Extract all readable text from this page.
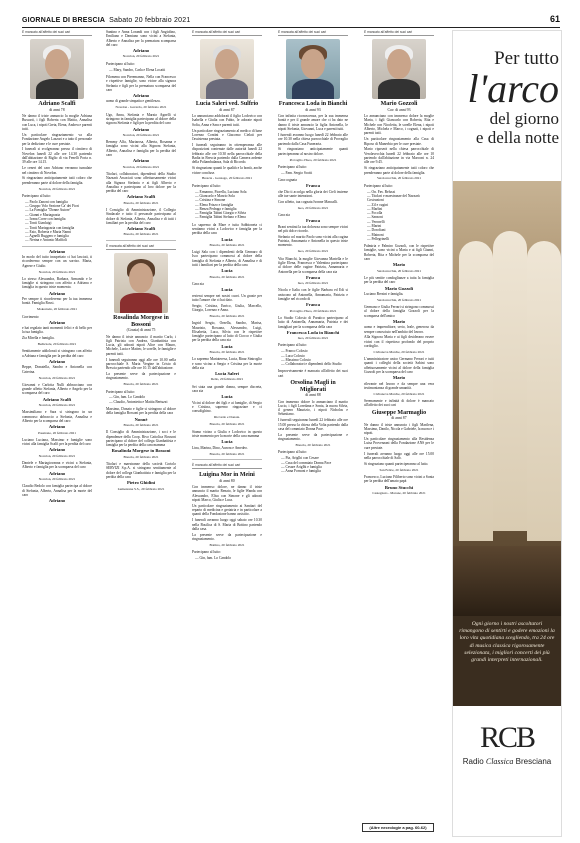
GIORNALE DI BRESCIA Sabato 20 febbraio 2021	61
È mancato all'affetto dei suoi cari
Adriano Scalfi
di anni 78

Ne danno il triste annuncio la moglie Adriana Bussarti, i figli Roberta con Mattia, Annalisa con Luca, i nipoti Greta, Elena, Andrea e parenti tutti.

Un particolare ringraziamento va alla Fondazione Angelo Lazzari e a tutto il personale per la dedizione e le cure prestate.

I funerali si svolgeranno presso il cimitero di Novelon lunedì 22 alle ore 14.30 partendo dall'abitazione di Riglio di via Fenelli Poria n. 39 alle ore 14.15.

Le ceneri del caro Adriano verranno tumulate nel cimitero di Novelon.

Si ringraziano anticipatamente tutti coloro che prenderanno parte al dolore della famiglia.

Novelon, 20 febbraio 2021

Partecipano al lutto:

— Paolo Zanoni con famiglia
— Gruppo Volo Sezione Ca' dei Fiori
— La Famiglia "Donne Autore"
— Gianni e Mariagrazia
— Ivana Corre con famiglia
— Tonti Gianluigi
— Tonti Mariagrazia con famiglia
— Ezio, Roberta e Maria Nanni
— Agnelli Ruggero e famiglia
— Nerina e Antonio Maffioli
Adriano

In modo del tutto inaspettato ci hai lasciati, ti ricorderemo sempre con un sorriso. Marta, Agnese e Giulio.

Novelon, 20 febbraio 2021

Lo stesso Alessandra, Barbara, Armando e le famiglie si stringono con affetto a Adriana e famiglia in questo triste momento.

Adriano

Per sempre ti ricorderemo per la tua immensa bontà. Famiglia Rossi.

Mokornelo, 20 febbraio 2021

Corrimento

Adriano

e hai regalato tanti momenti felici e di bello per la tua famiglia.

Zia Mirella e famiglia.

Bedizzole, 20 febbraio 2021

Sentitamente addolorati si stringono con affetto a Adriana e famiglia per la perdita del caro

Adriano

Beppe, Donatella, Sandro e Antonella con Caterina.

Novelon, 20 febbraio 2021

Giovanni e Carlotta Nulli abbracciano con grande affetto Stefania, Alberto e Angelo per la scomparsa del caro

Adriano Scalfi
Novelon, 20 febbraio 2021

Massimiliano e Sara si stringono in un commosso abbraccio a Stefania, Annalisa e Alberto per la scomparsa del caro

Adriano
Passirano, 20 febbraio 2021

Luciano Luciana, Massimo e famiglie sono vicini alla famiglia Scalfi per la perdita del caro

Adriano
Novelon, 20 febbraio 2021

Daniele e Mariagiovanna e vicini a Stefania, Alberto e famiglia per la scomparsa del caro

Adriano
Novelon, 20 febbraio 2021

Claudio Bedolo con famiglia partecipa al dolore di Stefania, Alberto, Annalisa per la morte del caro

Adriano

Santino e Anna Lorandi con i figli Angiolino, Emiliano e Damiano sono vicini a Stefania, Alberto e Annalisa per la prematura scomparsa del caro

Adriano
Novelon, 20 febbraio 2021

Partecipano al lutto:

— Mary, Sandro, Carla e Elena Locatti

Filomena con Pieremanno, Nella con Francesco e rispettive famiglie, sono vicine alla signora Stefania e figli per la prematura scomparsa del caro

Adriano

uomo di grande simpatia e gentilezza.

Novelon - Gavardo, 20 febbraio 2021

Ugo, Anna, Stefania e Marzio Agnelli si stringono in famiglia partecipano al dolore della signora Stefania e figli per la perdita del caro

Adriano
Novelon, 20 febbraio 2021

Remmy Alfa, Mariarosa, Alberta, Rosanna e famiglia sono vicini alla Signora Stefania, Alberto, Annalisa e famiglia per la perdita del caro

Adriano
Novelon, 20 febbraio 2021

Titolari, collaboratori, dipendenti della Studio Nazzarà Associati sono affettuosamente vicini alla Signora Stefania e ai figli Alberto e Annalisa e partecipano al loro dolore per la perdita del caro

Adriano Scalfi
Brescia, 20 febbraio 2021

I Consiglio di Amministrazione, il Collegio Sindacale e tutto il personale partecipano al dolore di Stefania, Alberto, Annalisa e di tutti i familiari per la perdita del caro

Adriano Scalfi
Brescia, 20 febbraio 2021
È mancata all'affetto dei suoi cari
Rosalinda Morgese in Bossoni
(Grazia) di anni 75

Ne danno il triste annuncio il marito Carlo, i figli Patrizia con Andrea, Gianbattista con Lucia, gli adorati nipoti Alice con Mauro, Michele, Lucia e Matteo, le sorelle, le famiglie e parenti tutti.

I funerali seguiranno oggi alle ore 10.00 nella parrocchiale S. Maria Vergine in Cristo di Brescia partendo alle ore 10.15 dall'abitazione.

La presente serve da partecipazione e ringraziamento.

Brescia, 20 febbraio 2021

Partecipano al lutto:

— Gin, fam. Lo Candolo
— Claudio, Antonietta e Mattia Bertuzzi

Massimo, Donato e figlie si stringono al dolore della famiglia Bossoni per la perdita della cara

Nonnè
Brescia, 20 febbraio 2021

Il Consiglio di Amministrazione, i soci e le dipendenze della Coop. Rivo Cattolica Bossoni partecipano al dolore del collega Gianbattista e famiglia per la perdita della cara mamma

Rosalinda Morgese in Bossoni
Brescia, 20 febbraio 2021

Titolari e maestranze della società Coriolo SERVIZI S.p.A. si stringono sentitamente al dolore del collega Gianbattista e famiglia per la perdita della cara

Pietro Ghidini
Lumezzane S.S., 20 febbraio 2021
È mancata all'affetto dei suoi cari
Lucia Saleri ved. Sulfrio
di anni 87

Lo annunciano addolorati il figlio Lodovico con Isabella e Giulia con Fabio, le adorate nipoti Sofia, Anna e Sara e parenti tutti.

Un particolare ringraziamento al medico di base Lorenzo Contini e Giacomo Cielati per l'assistenza prestata.

I funerali seguiranno in ottemperanza alle disposizioni contenute dalle autorità lunedì 22 febbraio alle ore 10.30 nella parrocchiale della Badia in Brescia partendo dalla Camera ardente della Poliambulanza, Sala di Ricordo.

Si ringraziano quanti le qualità e la bontà, anche vicine concluse.

Brescia - Gonzago, 20 febbraio 2021

Partecipano al lutto:

— Ermanno, Fiorella, Luciano Sola
— Giancarlo e Marzio Sola
— Cristina e Simone
— Elena Frizzo e famiglia
— Renza Pedrago e famiglia
— Famiglia Tabini Giorgio e Silvia
— Famiglia Tabini Stefano e Elena

Lo sapremo da Mare e tutta Sabbioneta ci sentiamo vicini a Lodovico e famiglia per la perdita della cara

Lucia
Brescia, 20 febbraio 2021

Luigi Sala con i dipendenti della Gennaro di Isco partecipano commossi al dolore della famiglia di Stefania e Alberto, di Annalisa e di tutti i familiari per la perdita della cara

Lucia
Brescia, 20 febbraio 2021

Cara zia

Lucia

resterai sempre nei nostri cuori. Un grazie per tutto l'amore che ci hai dato.

Sergio, Cristina, Enrico, Giulia, Marcello, Giorgio, Lorenzo e Anna.

Brescia, 20 febbraio 2021

Ingrid Sergio, Ornella, Sandro, Marisa, Maurizio, Rossana, Alessandro, Luigi, Elisabetta, Luca, Silvia con le rispettive famiglie partecipano al lutto di Ciocco e Giulia per la perdita della cara zia

Lucia
Brescia, 20 febbraio 2021

Lo sapremo Mariateresa, Lucia, Rinar Sintroglio e sono vicino a Sergio e Cristina per la morte della zia

Lucia Saleri
Delio, 20 febbraio 2021

Sei stata una grande donna, sempre discreta, cara zia

Lucia

Vicini al dolore dei figli e ai famiglie, di Sergio e Cristina, sapremo ringraziare e ci consolighino.

Riccardo e Donata.
Brescia, 20 febbraio 2021

Siamo vicino a Giulia e Lodovico in questo triste momento per la morte della cara mamma

Lucia

Lina, Marina, Dino, Aurora e Amedeo.

Brescia, 20 febbraio 2021
È mancato all'affetto dei suoi cari
Luigina Mor in Meini
di anni 80

Con immenso dolore, ne danno il triste annuncio il marito Renato, le figlie Wanda con Alessandro, Elisa con Simone e gli adorati nipoti Marco, Giulia e Luca.

Un particolare ringraziamento ai Sanitari del reparto di medicina e geriatria e in particolare a quanti della Fondazione hanno assistito.

I funerali avranno luogo oggi sabato ore 10.30 nella Basilica di S. Maria di Bottino partendo dalla casa.

La presente serve da partecipazione e ringraziamento.

Bottino, 20 febbraio 2021

Partecipano al lutto:

— Gin, fam. Lo Candolo
È mancata all'affetto dei suoi cari
Francesca Loda in Bianchi
di anni 93

Con infinita riconoscenza, per la sua immensa bontà e per il grande amore che ci ha dato ne danno il triste annuncio la figlia Antonella, le nipoti Stefania, Giovanni, Luca e parenti tutti.

I funerali avranno luogo lunedì 22 febbraio alle ore 10.30 nella chiesa parrocchiale di Provaglio partendo dalla Casa Funeraria.

Si ringraziano anticipatamente quanti parteciperanno al nostro dolore.

Provaglio d'Iseo, 20 febbraio 2021

Partecipano al lutto:

— Fam. Sergio Scotti

Cara cognata

Franca

che Dio ti accolga nella gloria dei Cieli insieme alle tue sante intenzioni.

Con affetto, tua cognata Ivonne Mancalli.

Iseo, 20 febbraio 2021

Cara zia

Franca

Brani sentirai la tua dolcezza sono sempre vicini nel più dolce ricordo.

Stefania col marito Paolo sono vicini alla cugina Patrizia, Annamaria e Antonella in questo triste momento.

Iseo, 20 febbraio 2021

Vito Bianchi, la moglie Giovanna Martella e le figlie Elena, Francesca e Valentina partecipano al dolore delle cugine Patrizia, Annamaria e Antonella per la scomparsa della cara zia

Franca
Iseo, 20 febbraio 2021

Nicola e Italia con le figlie Barbara ed Edi si uniscono ad Antonella, Annamaria, Patrizia e famiglie nel ricordo di

Franca
Provaglio d'Iseo, 20 febbraio 2021

Lo Studio Colosio di Paratico partecipano al lutto di Antonella, Annamaria, Patrizia e dei famigliari per la scomparsa della cara

Francesca Loda in Bianchi
Iseo, 20 febbraio 2021

Partecipano al lutto:

— Franco Colosio
— Luca Colosio
— Massimo Colosio
— Collaboratori e dipendenti dello Studio

Improvvisamente è mancata all'affetto dei suoi cari

Orsolina Magli in Migliorati
di anni 88

Con immenso dolore lo annunciano il marito Lucio, i figli Loredana e Sonia, la nuora Silvia, il genero Maurizio, i nipoti Nicholas e Sebastiano.

I funerali seguiranno lunedì 22 febbraio alle ore 15.00 presso la chiesa della Volta partendo dalla casa del commiato Donna Pace.

La presente serve da partecipazione e ringraziamento.

Brescia, 20 febbraio 2021

Partecipano al lutto:

— Pia, Ariglhi con Cesare
— Casa del commiato Donna Pace
— Cesare Ariglhi e famiglia
— Anna Fornoni e famiglia
È mancato all'affetto dei suoi cari
Mario Gozzoli
Cav. di anni 93

Lo annunciano con immenso dolore la moglie Maria, i figli Giancarlo con Roberta, Rita e Michele con Nicoletta, le sorelle Elena, i nipoti Alberto, Michela e Marco, i cognati, i nipoti e parenti tutti.

Un particolare ringraziamento alla Casa di Riposo di Manerbio per le cure prestate.

Mario riposerà nella chiesa parrocchiale di Verolavecchia lunedì 22 febbraio alle ore 10 partendo dall'abitazione in via Marconi n. 24 alle ore 9.45.

Si ringraziano anticipatamente tutti coloro che prenderanno parte al dolore della famiglia.

Verolavecchia, 20 febbraio 2021

Partecipano al lutto:

— On. Fav. Belussi
— Titolari e maestranze del Nazzarà Costruzioni
— Zil e cugini
— Marlini
— Focolla
— Sansoni
— Veronelli
— Marini
— Dorofiani
— Mainoni
— Pellegrinelli

Palmiria e Palmiro Gozzoli, con le rispettive famiglie, sono vicini a Maria e ai figli Gianni, Roberta, Rita e Michele per la scomparsa del caro

Mario
Verolavecchia, 20 febbraio 2021

Le più sentite condoglianze a tutta la famiglia per la perdita del caro

Mario Gozzoli

Luciano Bersini e famiglia.

Verolavecchia, 20 febbraio 2021

Germano e Giulia Ferrari si stringono commossi al dolore della famiglia Gozzoli per la scomparsa dell'amico

Mario

uomo e imprenditore, serio, leale, generoso da sempre conosciuto nell'ambito del lavoro.

Alla Signora Maria e ai figli desiderano essere vicini con il rispettoso profondo del proprio cordoglio.

Civitanova Marche, 20 febbraio 2021

L'amministratore unico Germano Ferrari e tutti quanti i colleghi della società Sabini sono affettuosamente vicini al dolore della famiglia Gozzoli per la scomparsa del caro

Mario

rilevante nel lavoro e da sempre una vera testimonianza di grande umanità.

Civitanova Marche, 20 febbraio 2021

Serenamente e infinità di dolore è mancato all'affetto dei suoi cari

Giuseppe Marmaglio
di anni 87

Ne danno il triste annuncio i figli Marilena, Massimo, Danilo, Nicola e Gabriele, la nuora e i nipoti.

Un particolare ringraziamento alla Residenza Luisa Provenzani della Fondazione ANS per le cure prestate.

I funerali avranno luogo oggi alle ore 15.00 nella parrocchiale di Salò.

Si ringraziano quanti parteciperanno al lutto.

San Felice, 20 febbraio 2021

Francesco, Luciano Filiberto sono vicini a Sonia per la perdita dell'amato papà

Bruno Stucchi
Castegnato - Marone, 20 febbraio 2021
(Altre necrologie a pag. 60-62)
Per tutto
l'arco
del giorno
e della notte
Ogni giorno i nostri ascoltatori rimangono di sentirti e godere emozioni la loro vita quotidiana scegliendo, tra 24 ore di musica classica rigorosamente selezionata, i migliori concerti dei più grandi interpreti internazionali.
RCB
Radio Classica Bresciana
